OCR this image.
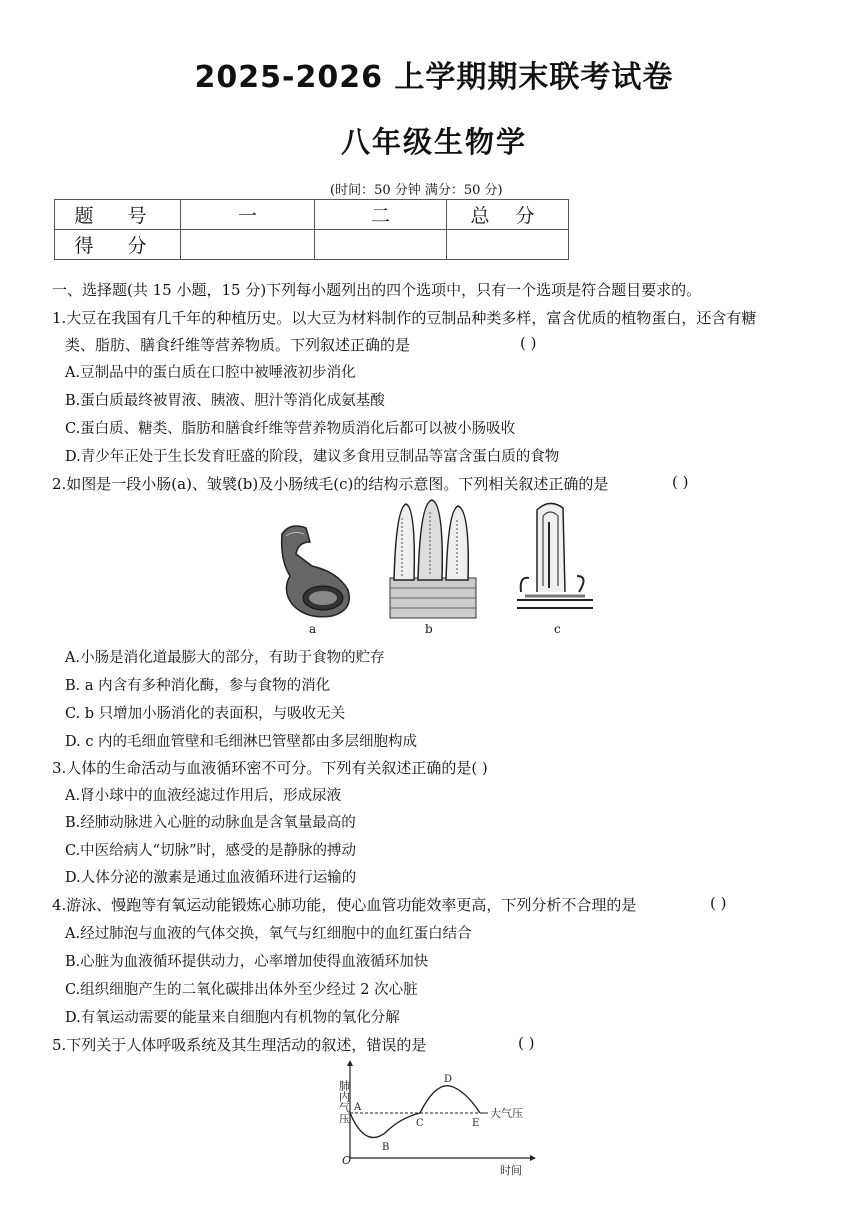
2025-2026 上学期期末联考试卷
八年级生物学
(时间：50 分钟 满分：50 分)
题 号	一	二	总 分
得 分			
一、选择题(共 15 小题，15 分)下列每小题列出的四个选项中，只有一个选项是符合题目要求的。
1.大豆在我国有几千年的种植历史。以大豆为材料制作的豆制品种类多样，富含优质的植物蛋白，还含有糖
类、脂肪、膳食纤维等营养物质。下列叙述正确的是	( )
A.豆制品中的蛋白质在口腔中被唾液初步消化
B.蛋白质最终被胃液、胰液、胆汁等消化成氨基酸
C.蛋白质、糖类、脂肪和膳食纤维等营养物质消化后都可以被小肠吸收
D.青少年正处于生长发育旺盛的阶段，建议多食用豆制品等富含蛋白质的食物
2.如图是一段小肠(a)、皱襞(b)及小肠绒毛(c)的结构示意图。下列相关叙述正确的是	( )
a	b	c
A.小肠是消化道最膨大的部分，有助于食物的贮存
B. a 内含有多种消化酶，参与食物的消化
C. b 只增加小肠消化的表面积，与吸收无关
D. c 内的毛细血管壁和毛细淋巴管壁都由多层细胞构成
3.人体的生命活动与血液循环密不可分。下列有关叙述正确的是( )
A.肾小球中的血液经滤过作用后，形成尿液
B.经肺动脉进入心脏的动脉血是含氧量最高的
C.中医给病人“切脉”时，感受的是静脉的搏动
D.人体分泌的激素是通过血液循环进行运输的
4.游泳、慢跑等有氧运动能锻炼心肺功能，使心血管功能效率更高，下列分析不合理的是	( )
A.经过肺泡与血液的气体交换，氧气与红细胞中的血红蛋白结合
B.心脏为血液循环提供动力，心率增加使得血液循环加快
C.组织细胞产生的二氧化碳排出体外至少经过 2 次心脏
D.有氧运动需要的能量来自细胞内有机物的氧化分解
5.下列关于人体呼吸系统及其生理活动的叙述，错误的是	( )
肺内气压
时间
O
大气压
A
B
C
D
E
